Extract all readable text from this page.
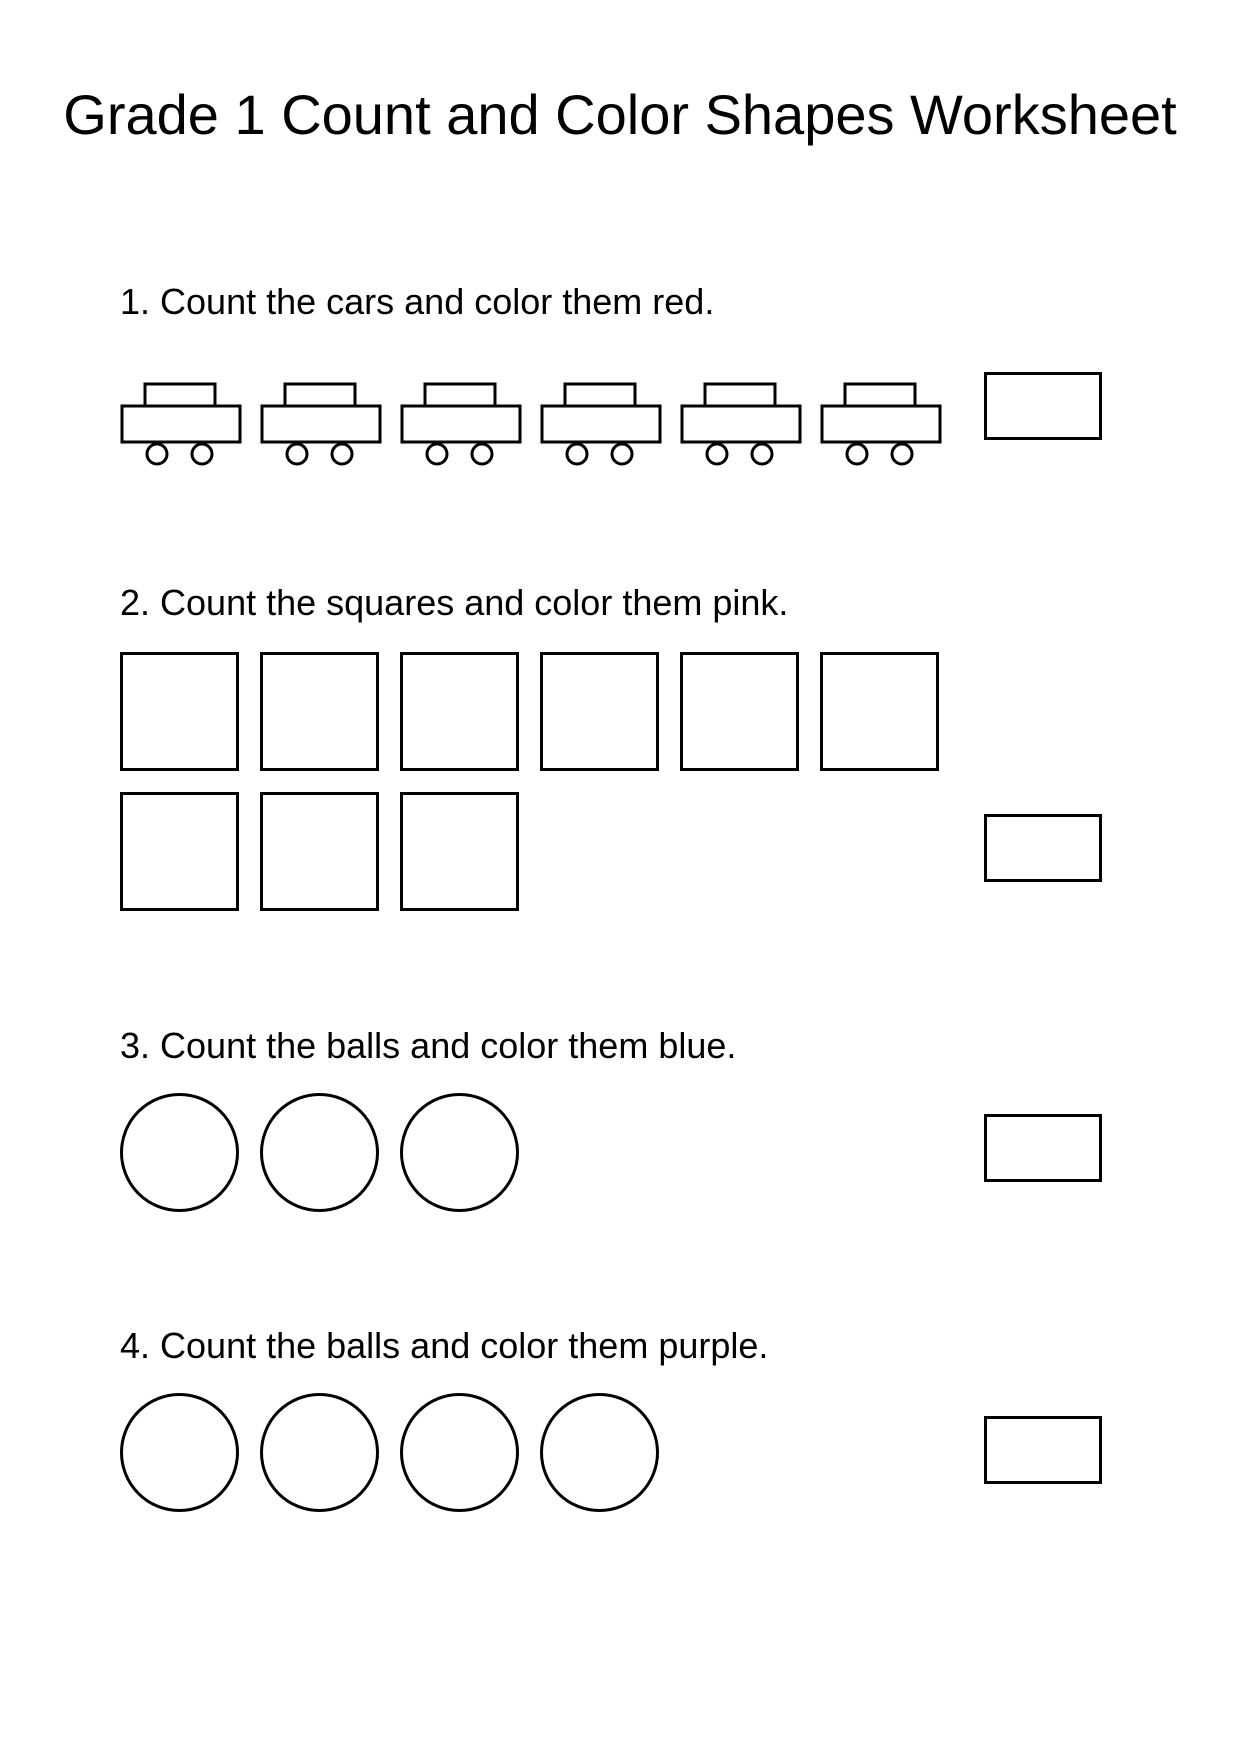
Grade 1 Count and Color Shapes Worksheet
1. Count the cars and color them red.
2. Count the squares and color them pink.
3. Count the balls and color them blue.
4. Count the balls and color them purple.
